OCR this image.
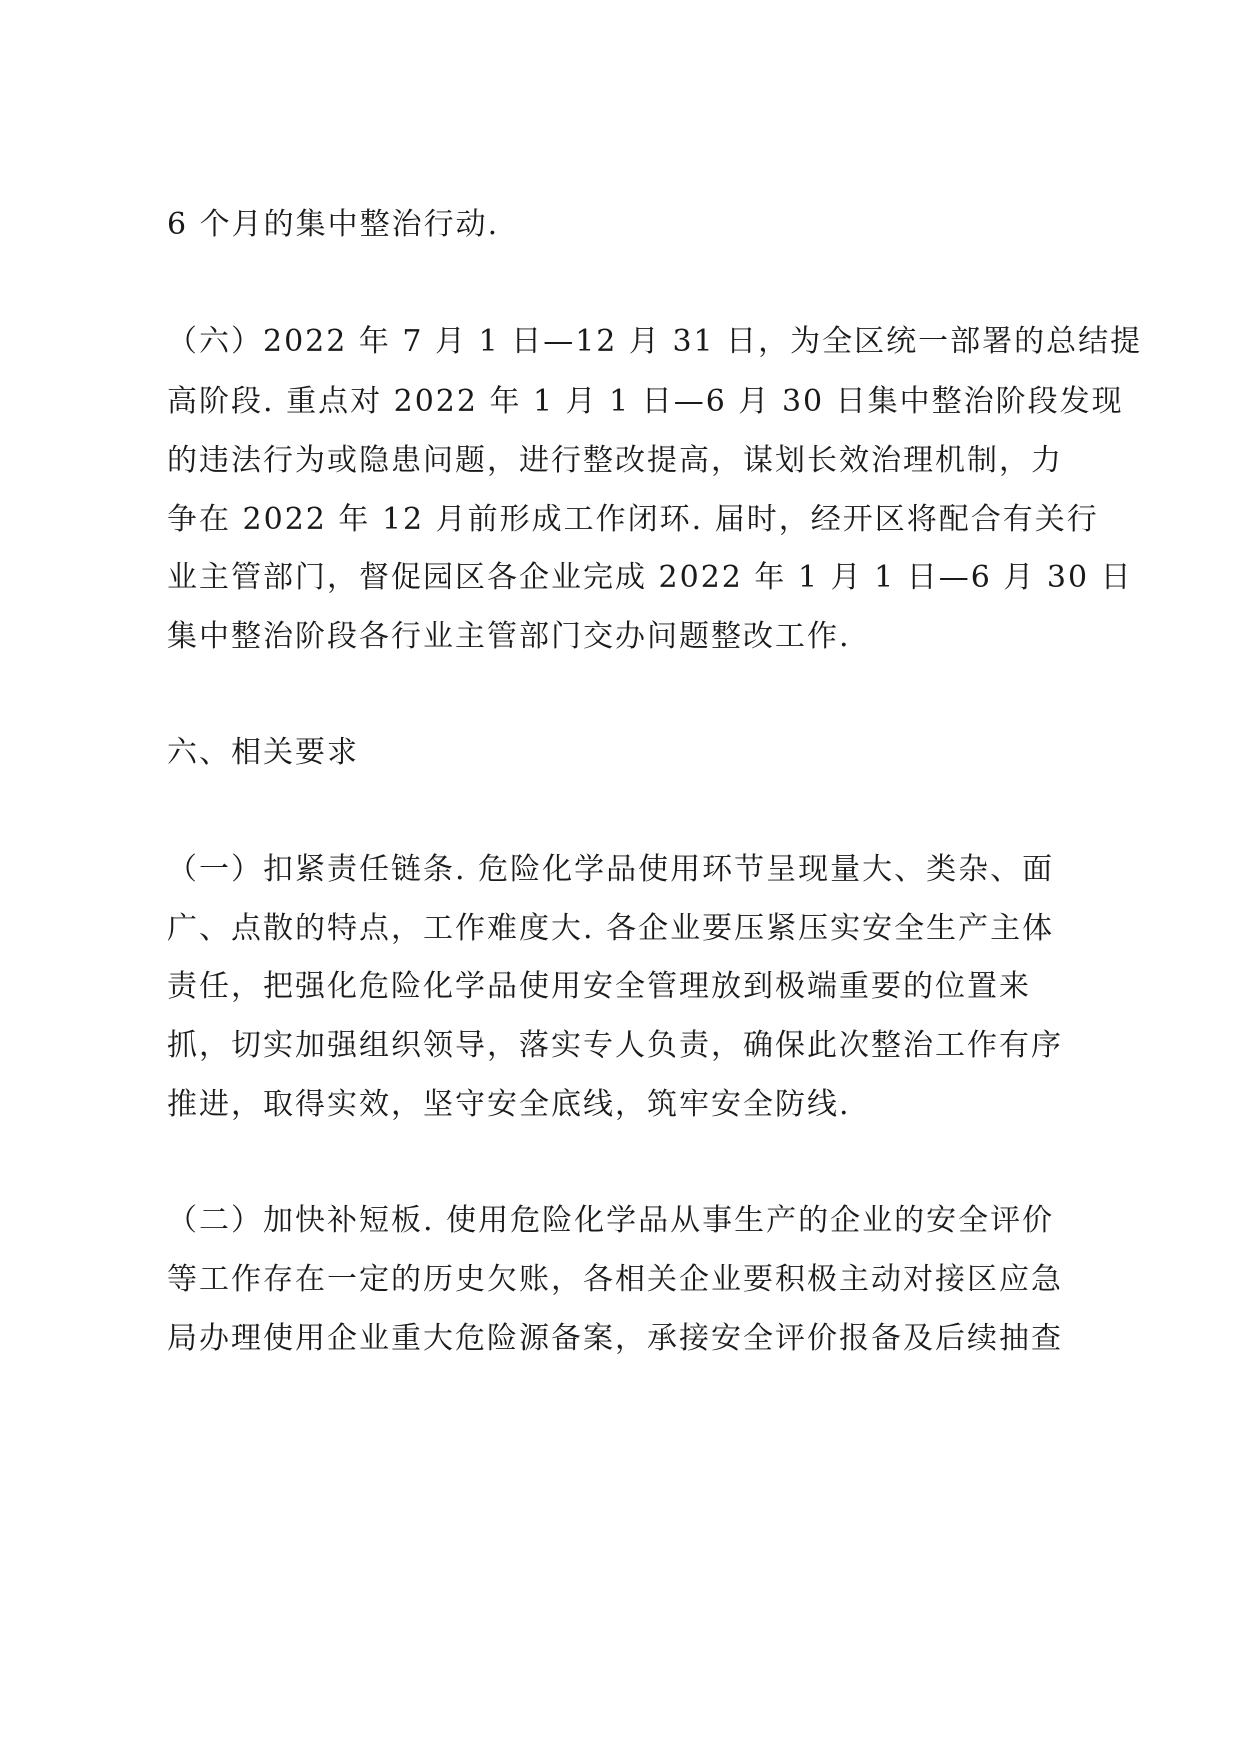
6 个月的集中整治行动.
（六）2022 年 7 月 1 日—12 月 31 日，为全区统一部署的总结提
高阶段. 重点对 2022 年 1 月 1 日—6 月 30 日集中整治阶段发现
的违法行为或隐患问题，进行整改提高，谋划长效治理机制，力
争在 2022 年 12 月前形成工作闭环. 届时，经开区将配合有关行
业主管部门，督促园区各企业完成 2022 年 1 月 1 日—6 月 30 日
集中整治阶段各行业主管部门交办问题整改工作.
六、相关要求
（一）扣紧责任链条. 危险化学品使用环节呈现量大、类杂、面
广、点散的特点，工作难度大. 各企业要压紧压实安全生产主体
责任，把强化危险化学品使用安全管理放到极端重要的位置来
抓，切实加强组织领导，落实专人负责，确保此次整治工作有序
推进，取得实效，坚守安全底线，筑牢安全防线.
（二）加快补短板. 使用危险化学品从事生产的企业的安全评价
等工作存在一定的历史欠账，各相关企业要积极主动对接区应急
局办理使用企业重大危险源备案，承接安全评价报备及后续抽查
